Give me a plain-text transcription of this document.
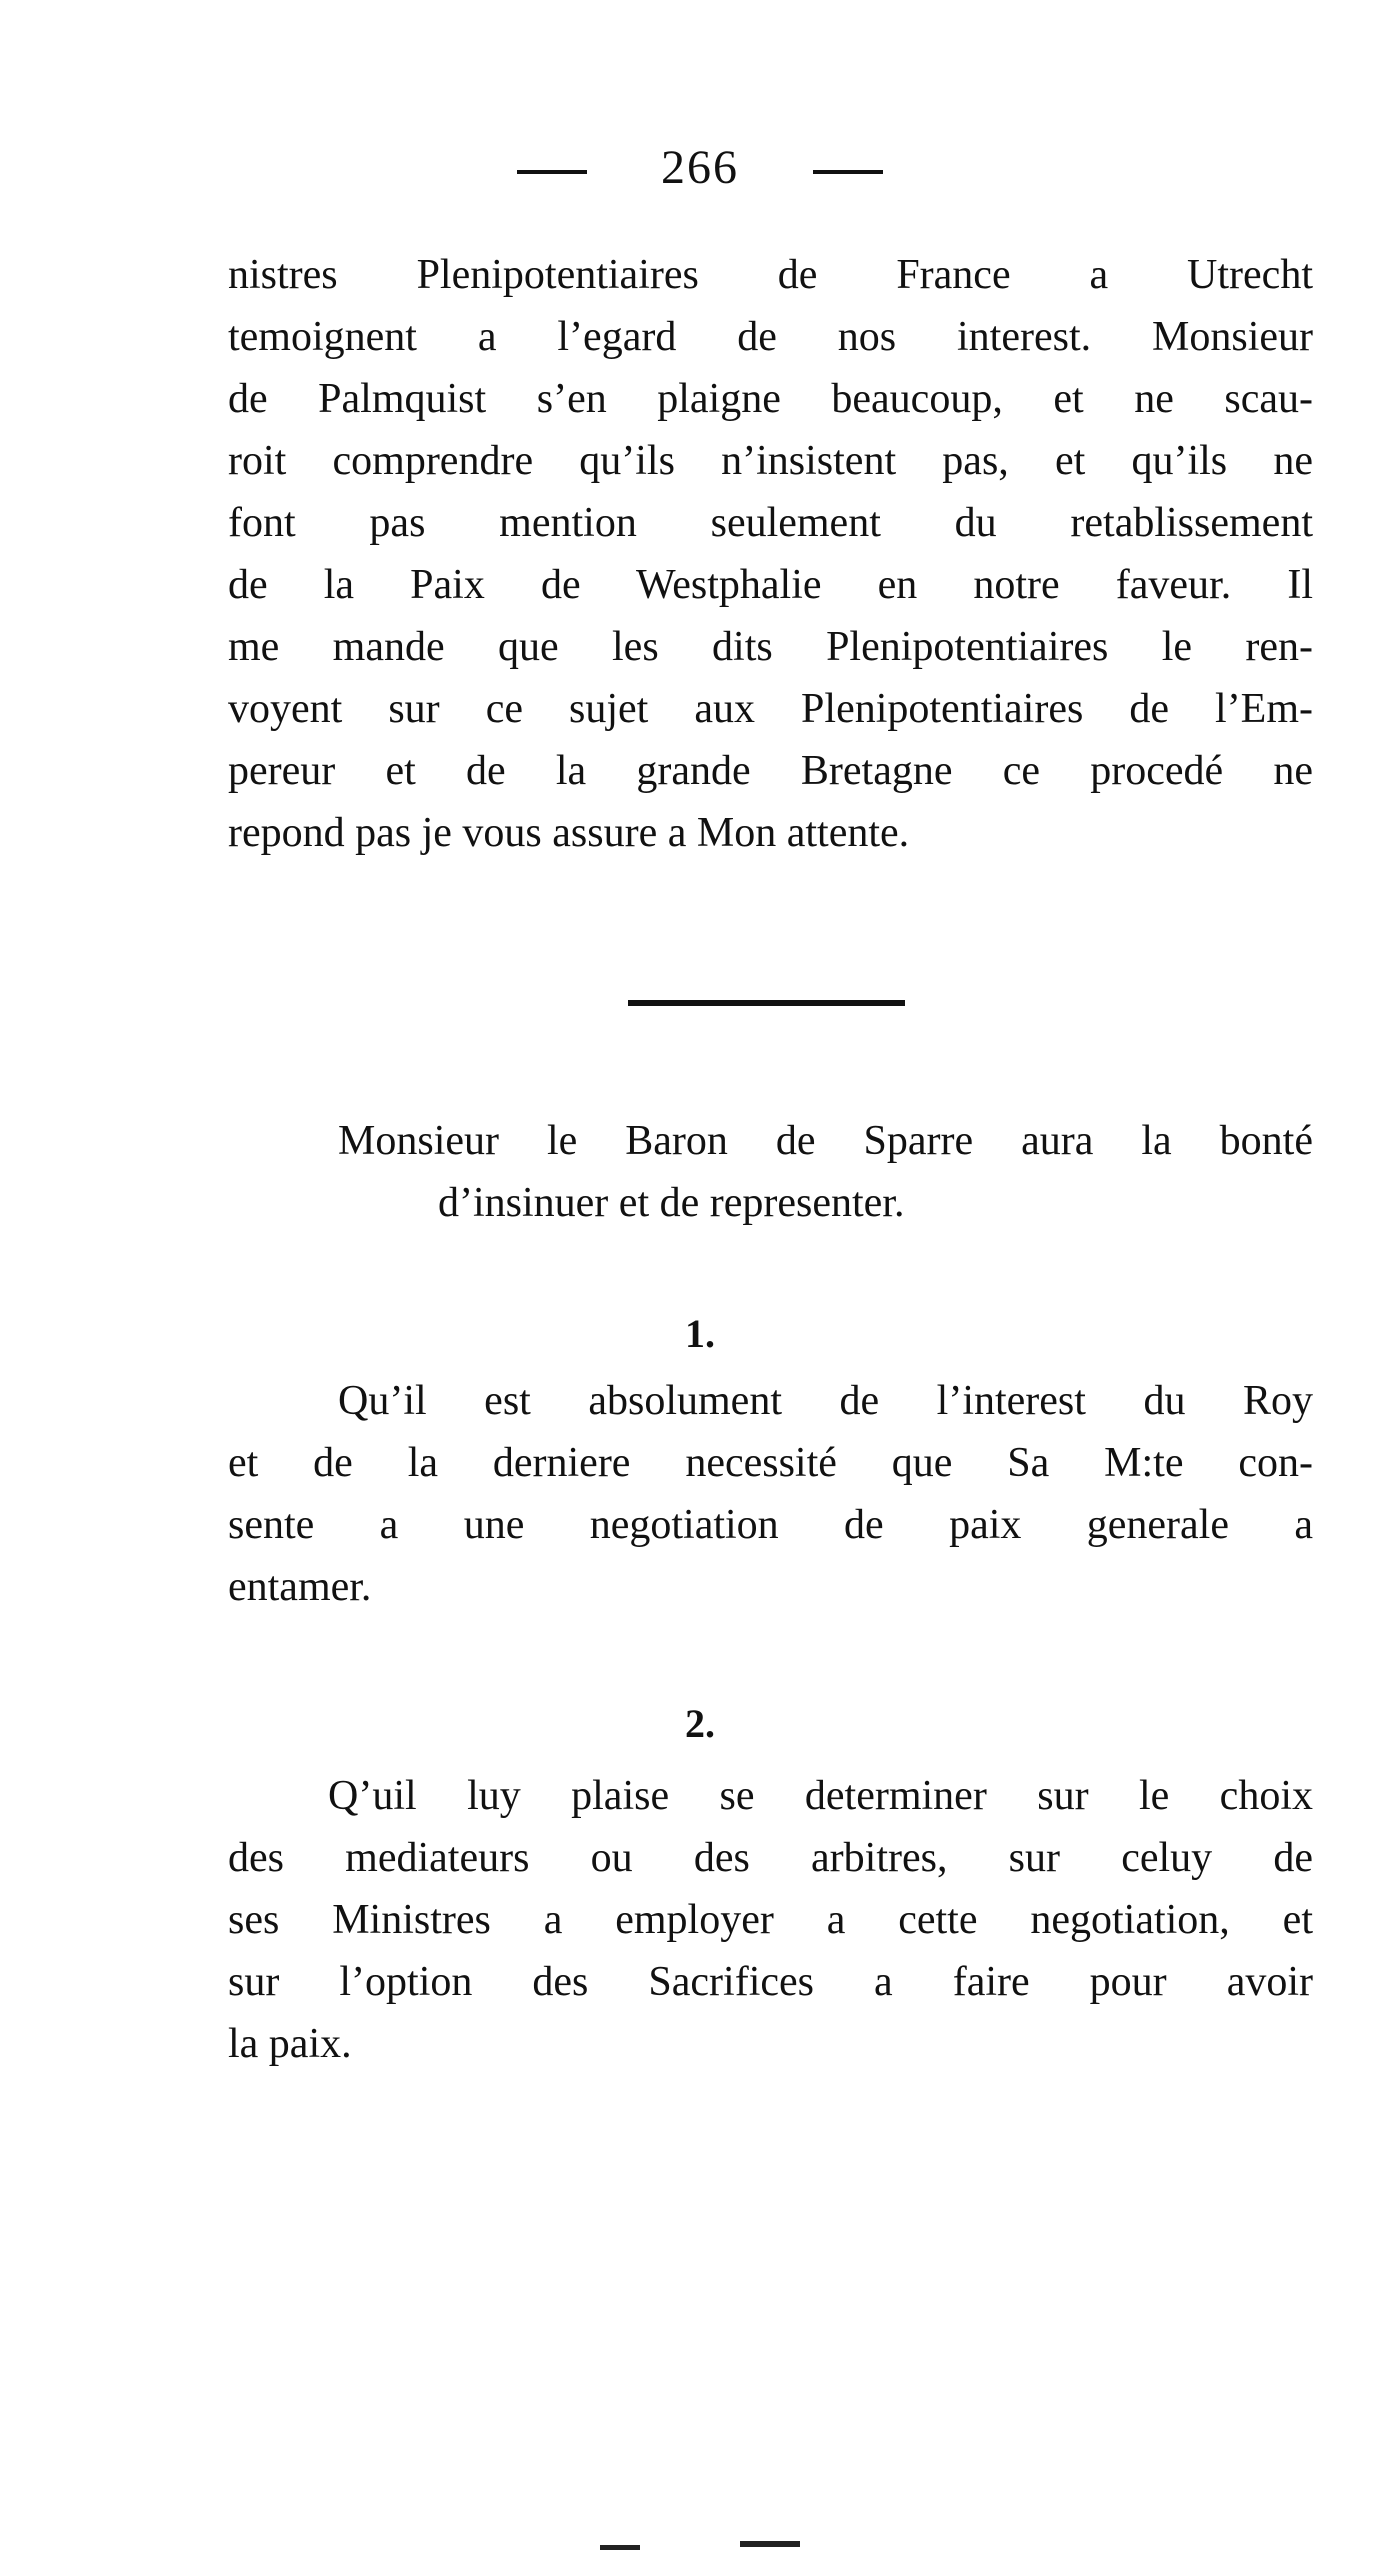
266
nistres Plenipotentiaires de France a Utrecht
temoignent a l’egard de nos interest. Monsieur
de Palmquist s’en plaigne beaucoup, et ne scau-
roit comprendre qu’ils n’insistent pas, et qu’ils ne
font pas mention seulement du retablissement
de la Paix de Westphalie en notre faveur. Il
me mande que les dits Plenipotentiaires le ren-
voyent sur ce sujet aux Plenipotentiaires de l’Em-
pereur et de la grande Bretagne ce procedé ne
repond pas je vous assure a Mon attente.
Monsieur le Baron de Sparre aura la bonté
d’insinuer et de representer.
1.
Qu’il est absolument de l’interest du Roy
et de la derniere necessité que Sa M:te con-
sente a une negotiation de paix generale a
entamer.
2.
Q’uil luy plaise se determiner sur le choix
des mediateurs ou des arbitres, sur celuy de
ses Ministres a employer a cette negotiation, et
sur l’option des Sacrifices a faire pour avoir
la paix.
